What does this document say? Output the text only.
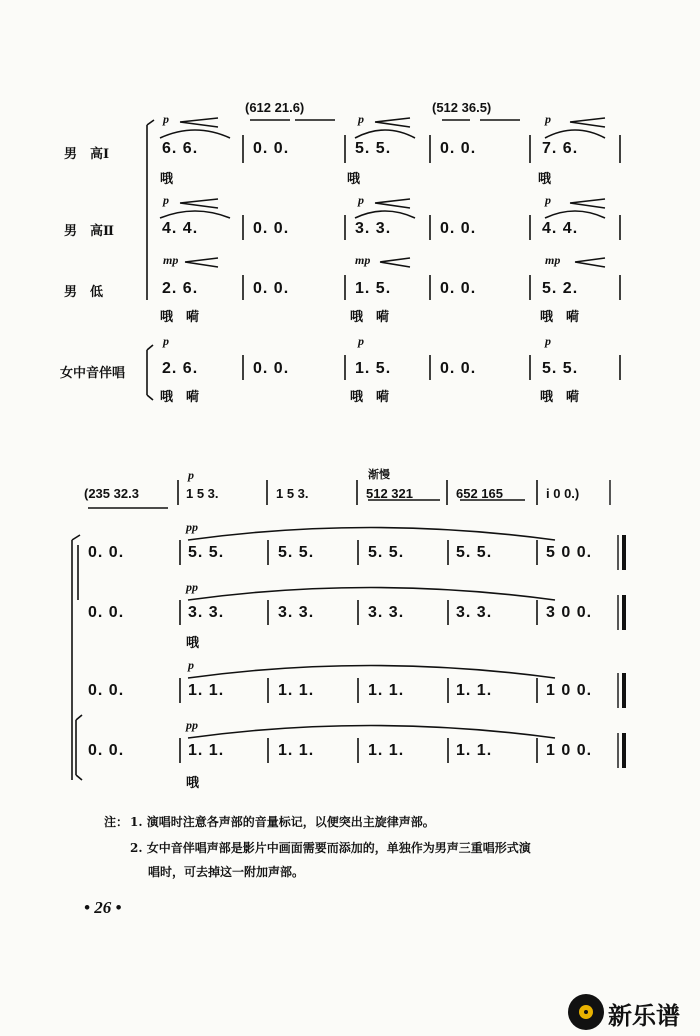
男　高Ⅰ
男　高Ⅱ
男　低
女中音伴唱
(612 21.6)	(512 36.5)
p	p	p
p	p	p
mp	mp	mp
p	p	p
6. 6.	0. 0.	5. 5.	0. 0.	7. 6.
哦	哦	哦
4. 4.	0. 0.	3. 3.	0. 0.	4. 4.
2. 6.	0. 0.	1. 5.	0. 0.	5. 2.
哦　嗬	哦　嗬	哦　嗬
2. 6.	0. 0.	1. 5.	0. 0.	5. 5.
哦　嗬	哦　嗬	哦　嗬
渐慢
p
(235 32.3	1 5 3.	1 5 3.	512 321	652 165	i 0 0.)
pp
pp
p
pp
0. 0.	5. 5.	5. 5.	5. 5.	5. 5.	5 0 0.
0. 0.	3. 3.	3. 3.	3. 3.	3. 3.	3 0 0.
哦
0. 0.	1. 1.	1. 1.	1. 1.	1. 1.	1 0 0.
0. 0.	1. 1.	1. 1.	1. 1.	1. 1.	1 0 0.
哦
注： 1. 演唱时注意各声部的音量标记，以便突出主旋律声部。
2. 女中音伴唱声部是影片中画面需要而添加的，单独作为男声三重唱形式演
唱时，可去掉这一附加声部。
• 26 •
新乐谱
